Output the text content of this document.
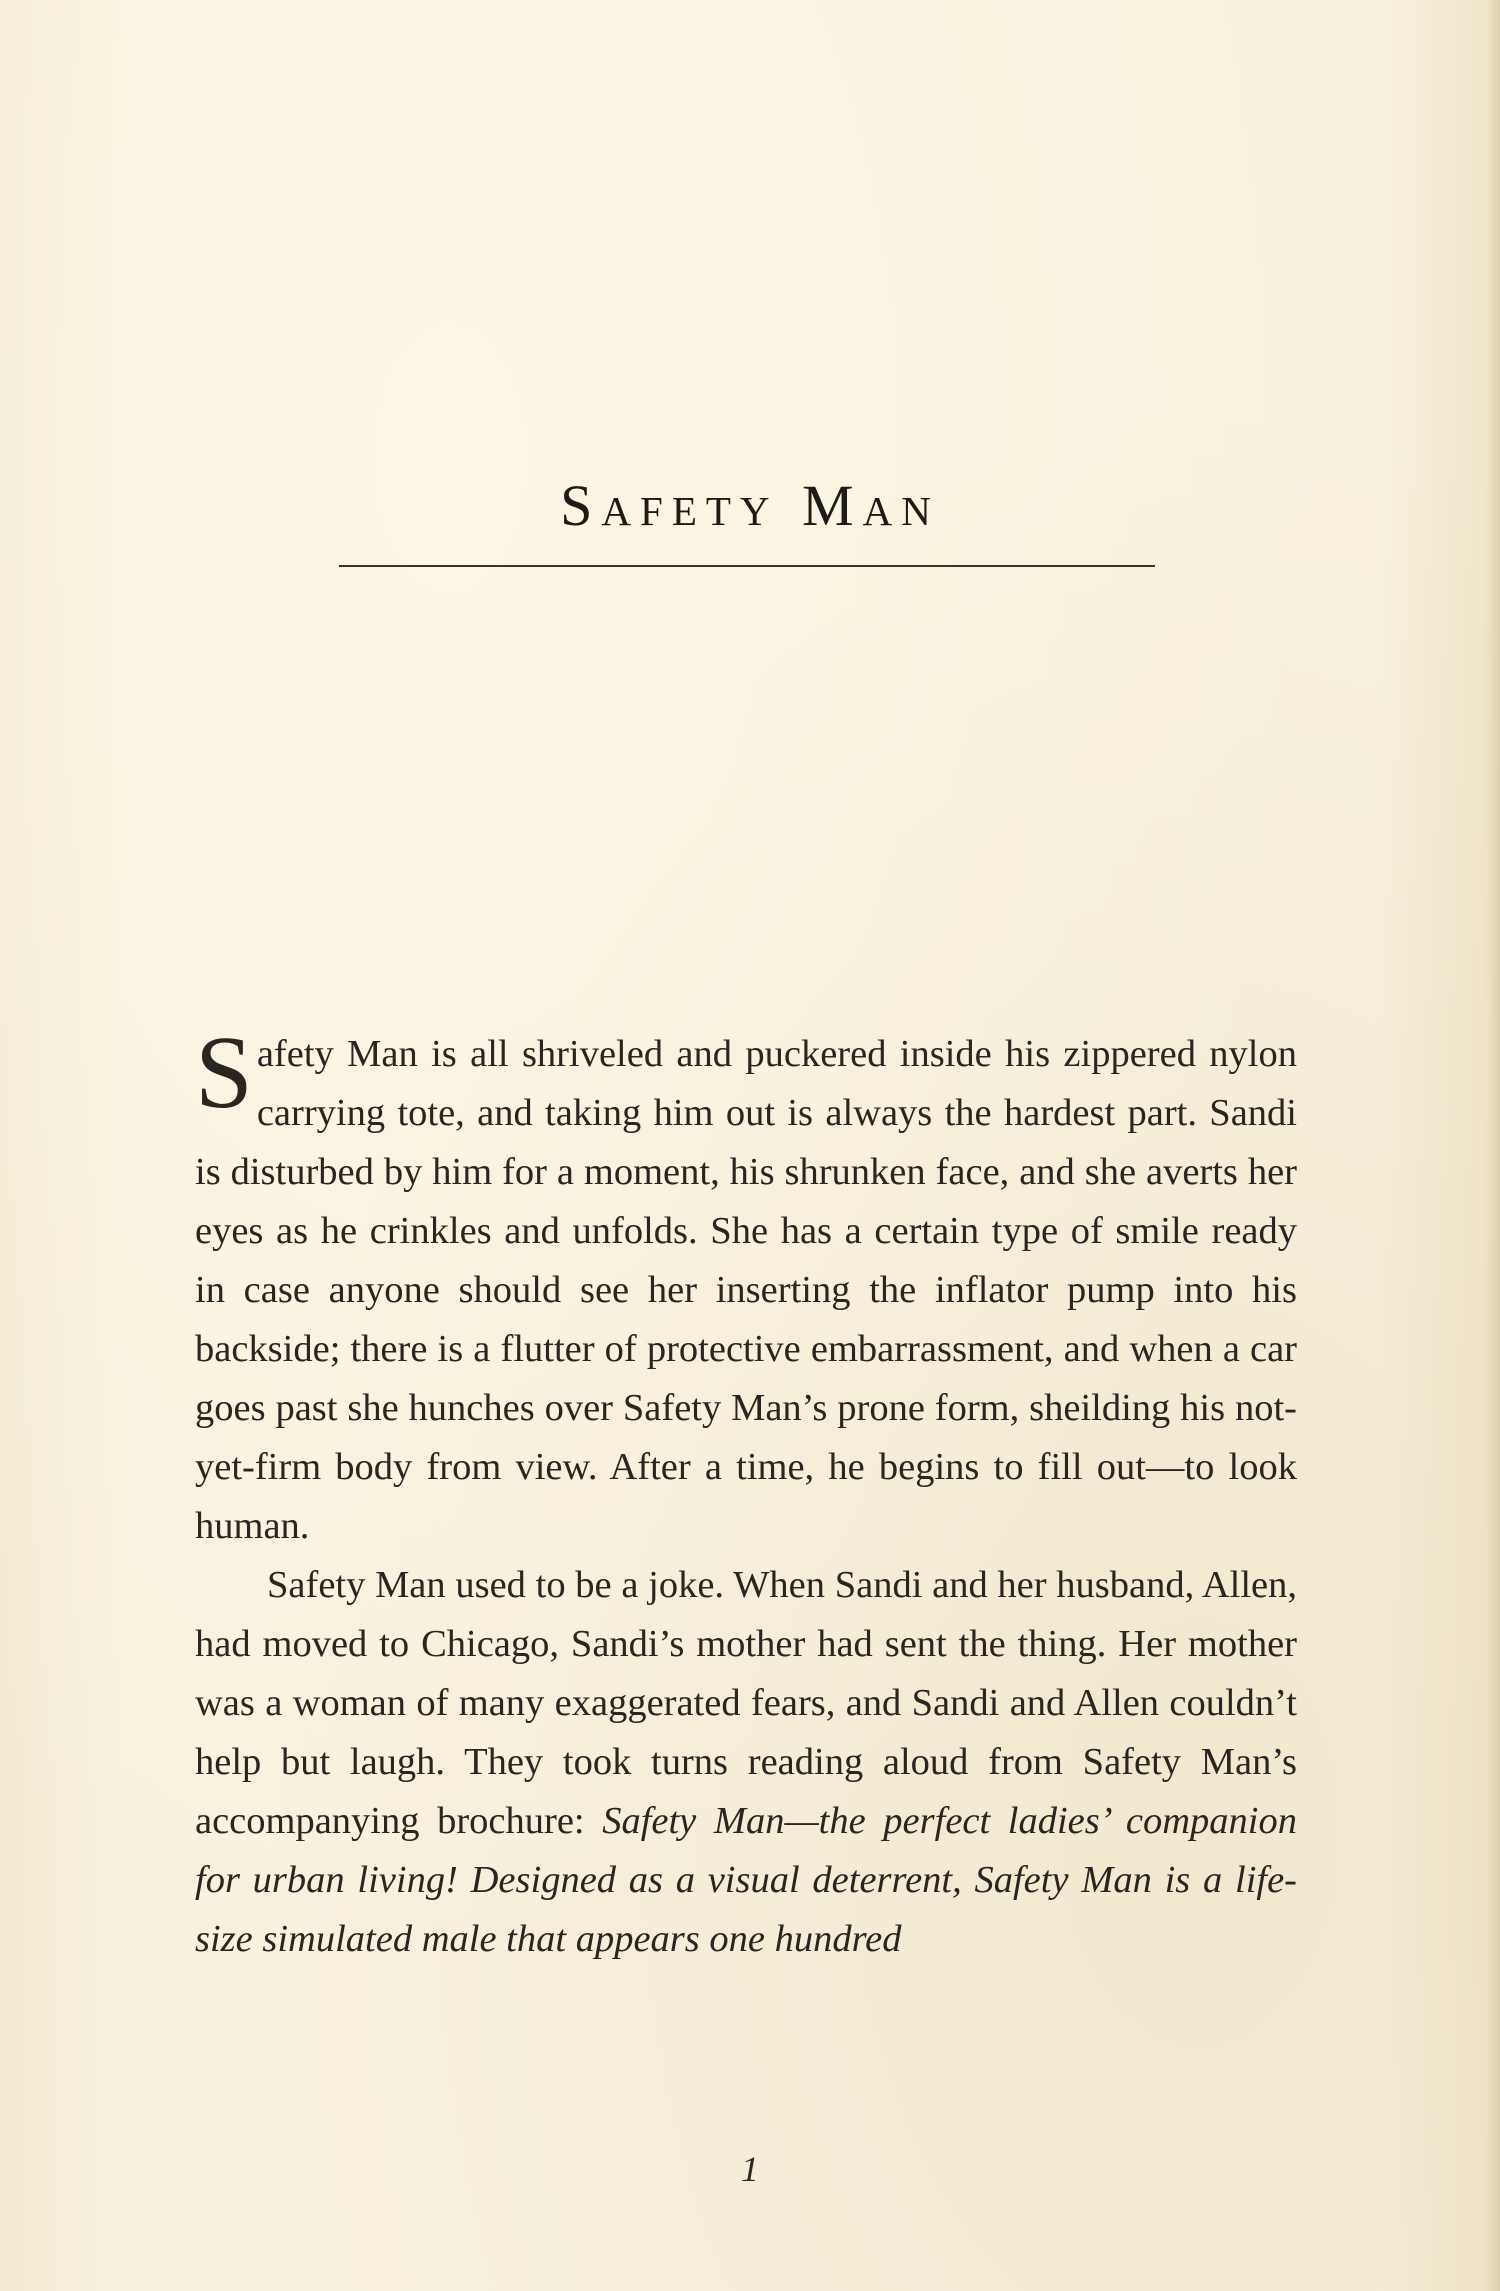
Safety Man

Safety Man is all shriveled and puckered inside his zippered nylon carrying tote, and taking him out is always the hardest part. Sandi is disturbed by him for a moment, his shrunken face, and she averts her eyes as he crinkles and unfolds. She has a certain type of smile ready in case anyone should see her inserting the inflator pump into his backside; there is a flutter of protective embarrassment, and when a car goes past she hunches over Safety Man’s prone form, sheilding his not-yet-firm body from view. After a time, he begins to fill out—to look human.

Safety Man used to be a joke. When Sandi and her husband, Allen, had moved to Chicago, Sandi’s mother had sent the thing. Her mother was a woman of many exaggerated fears, and Sandi and Allen couldn’t help but laugh. They took turns reading aloud from Safety Man’s accompanying brochure: Safety Man—the perfect ladies’ companion for urban living! Designed as a visual deterrent, Safety Man is a life-size simulated male that appears one hundred

1
